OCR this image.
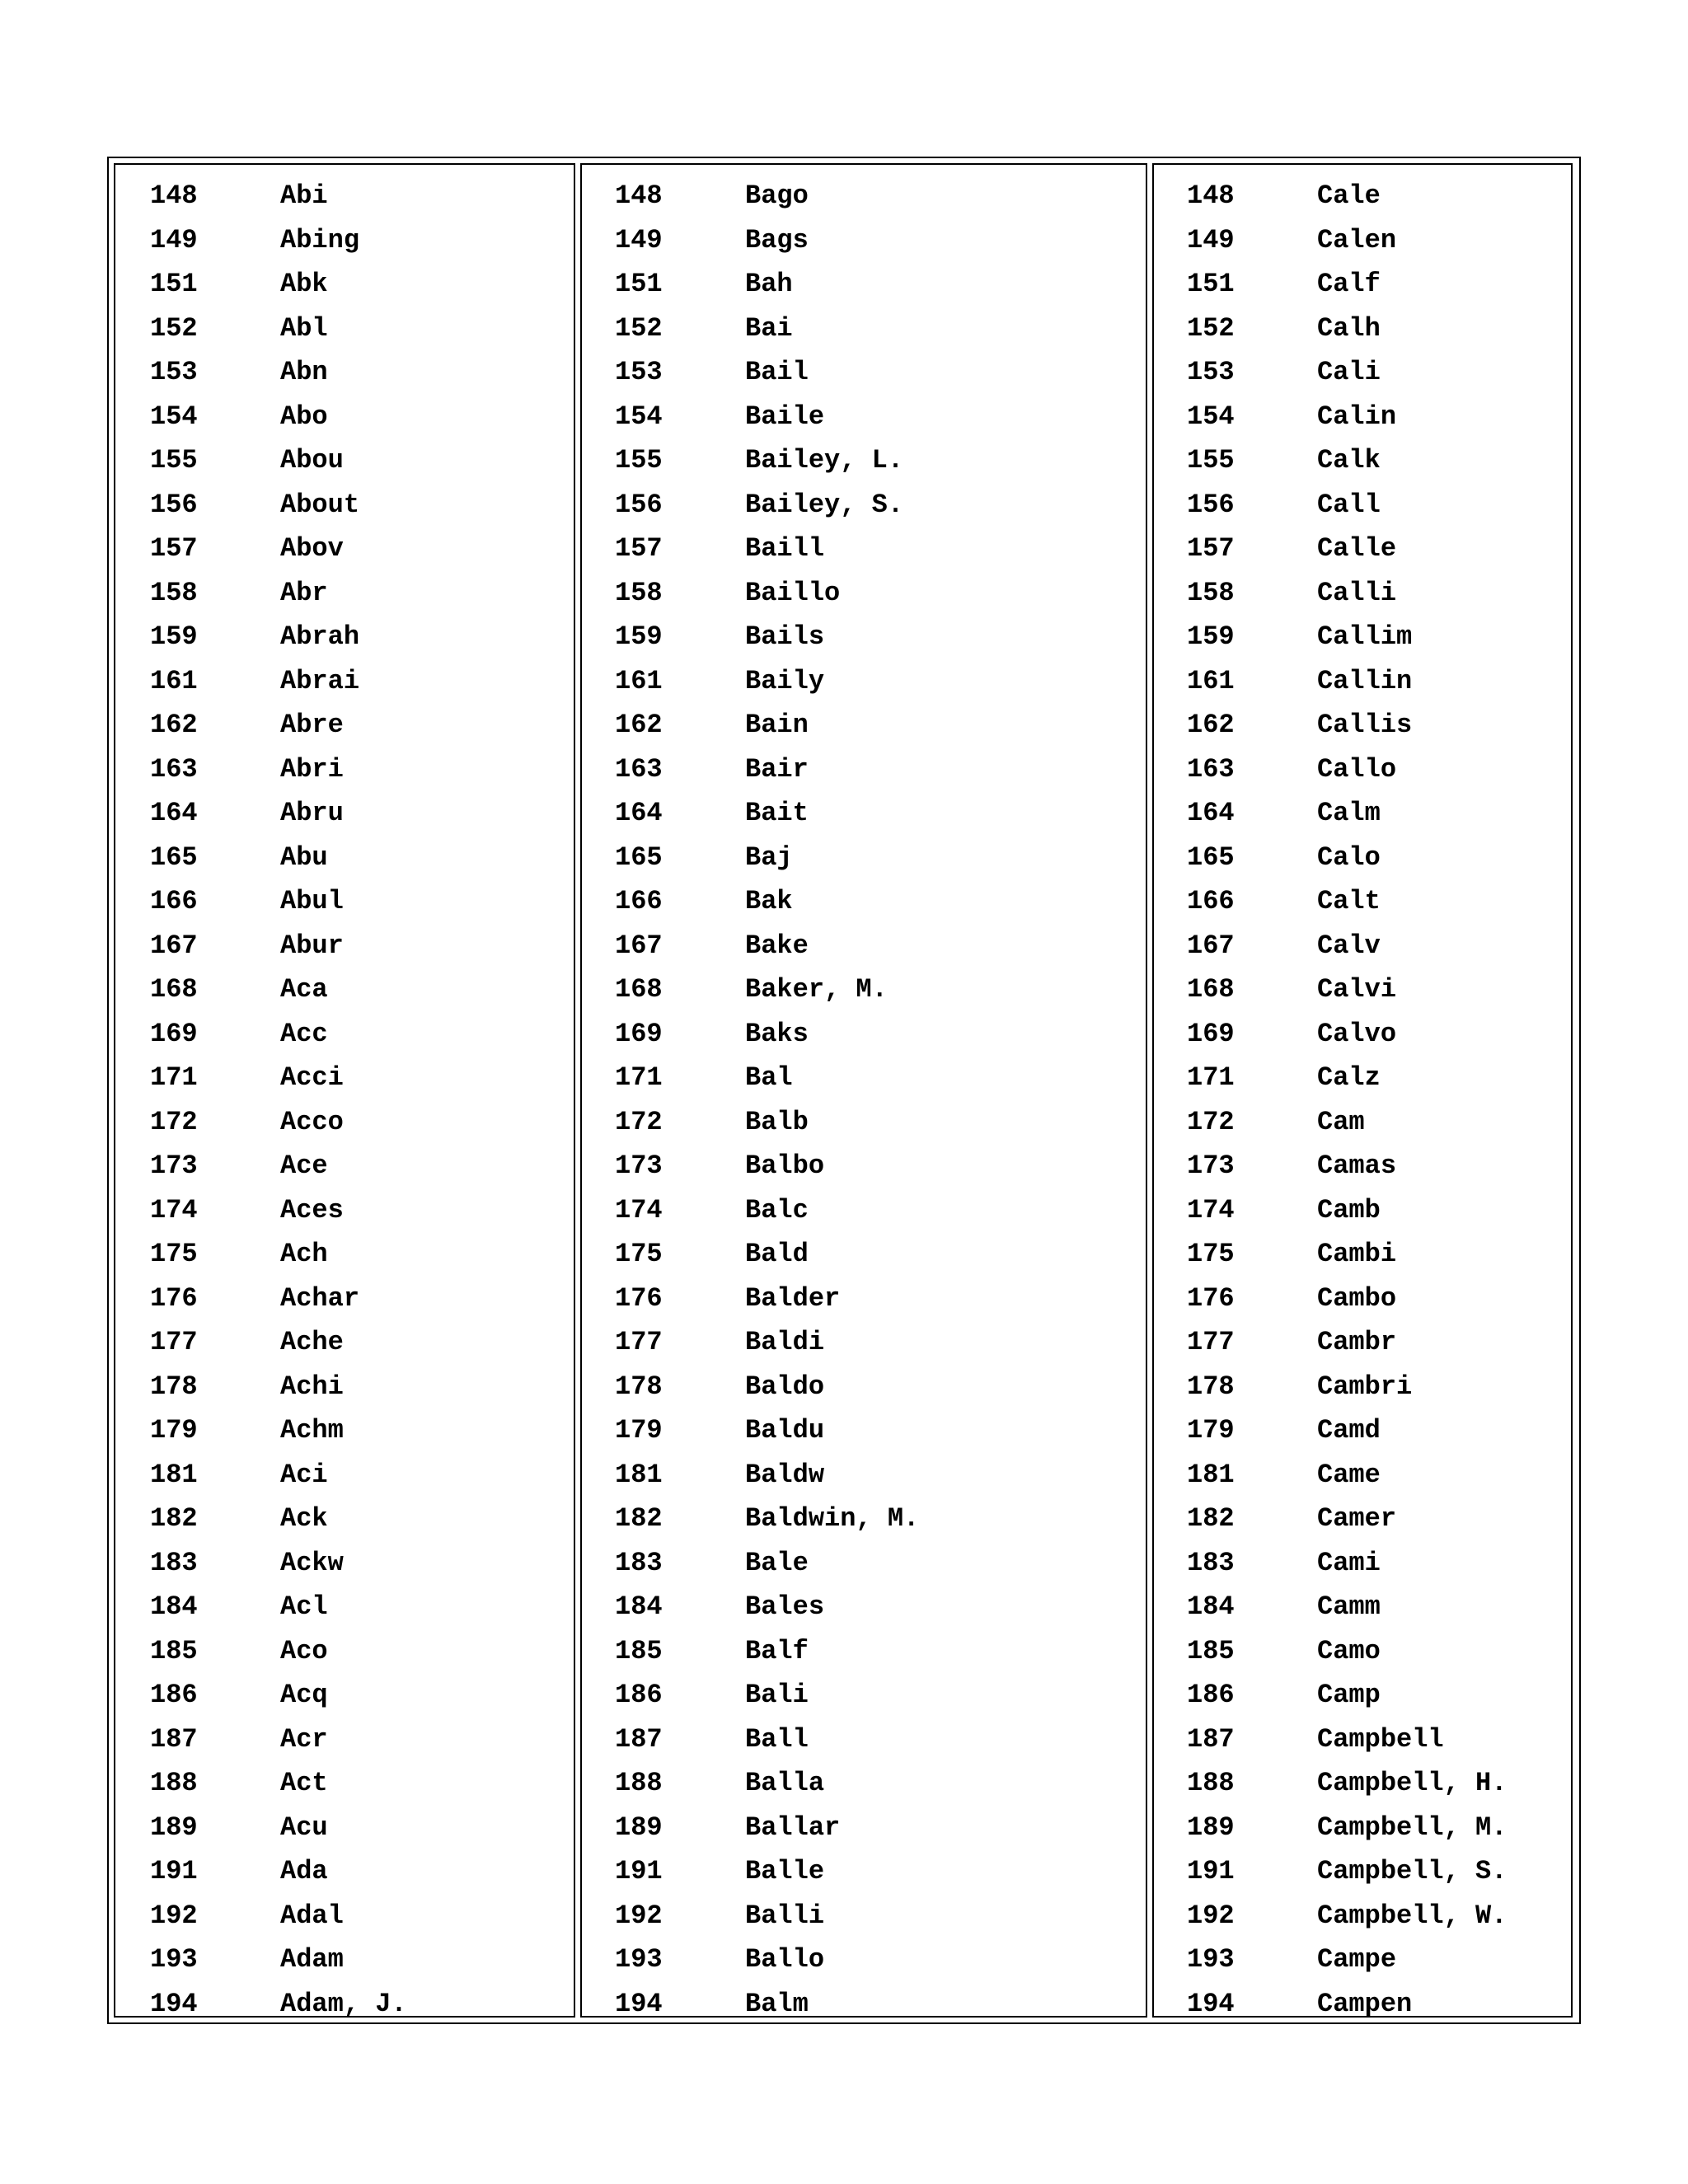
148	Abi
149	Abing
151	Abk
152	Abl
153	Abn
154	Abo
155	Abou
156	About
157	Abov
158	Abr
159	Abrah
161	Abrai
162	Abre
163	Abri
164	Abru
165	Abu
166	Abul
167	Abur
168	Aca
169	Acc
171	Acci
172	Acco
173	Ace
174	Aces
175	Ach
176	Achar
177	Ache
178	Achi
179	Achm
181	Aci
182	Ack
183	Ackw
184	Acl
185	Aco
186	Acq
187	Acr
188	Act
189	Acu
191	Ada
192	Adal
193	Adam
194	Adam, J.
148	Bago
149	Bags
151	Bah
152	Bai
153	Bail
154	Baile
155	Bailey, L.
156	Bailey, S.
157	Baill
158	Baillo
159	Bails
161	Baily
162	Bain
163	Bair
164	Bait
165	Baj
166	Bak
167	Bake
168	Baker, M.
169	Baks
171	Bal
172	Balb
173	Balbo
174	Balc
175	Bald
176	Balder
177	Baldi
178	Baldo
179	Baldu
181	Baldw
182	Baldwin, M.
183	Bale
184	Bales
185	Balf
186	Bali
187	Ball
188	Balla
189	Ballar
191	Balle
192	Balli
193	Ballo
194	Balm
148	Cale
149	Calen
151	Calf
152	Calh
153	Cali
154	Calin
155	Calk
156	Call
157	Calle
158	Calli
159	Callim
161	Callin
162	Callis
163	Callo
164	Calm
165	Calo
166	Calt
167	Calv
168	Calvi
169	Calvo
171	Calz
172	Cam
173	Camas
174	Camb
175	Cambi
176	Cambo
177	Cambr
178	Cambri
179	Camd
181	Came
182	Camer
183	Cami
184	Camm
185	Camo
186	Camp
187	Campbell
188	Campbell, H.
189	Campbell, M.
191	Campbell, S.
192	Campbell, W.
193	Campe
194	Campen
